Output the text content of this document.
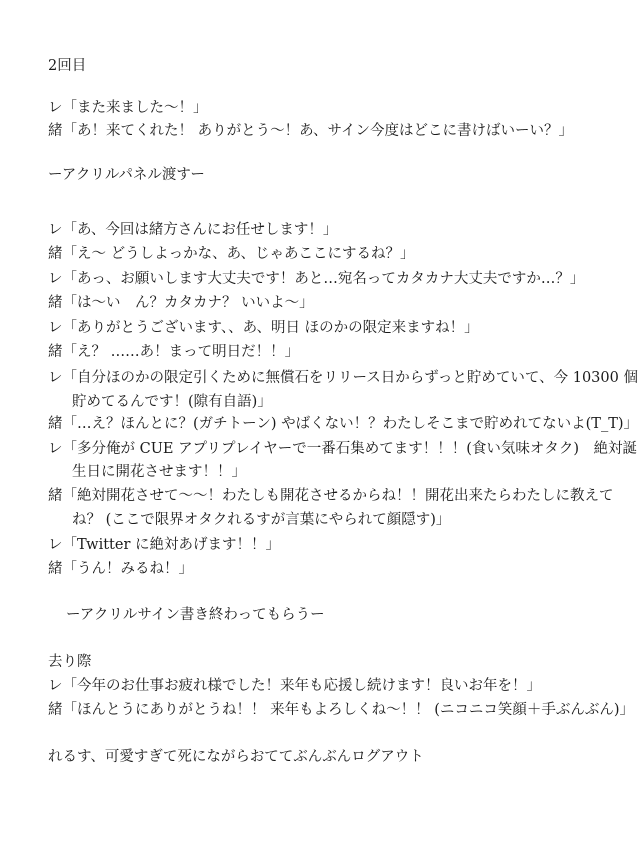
2回目
レ「また来ました〜！」
緒「あ！来てくれた！ ありがとう〜！あ、サイン今度はどこに書けばいーい？」
ーアクリルパネル渡すー
レ「あ、今回は緒方さんにお任せします！」
緒「え〜 どうしよっかな、あ、じゃあここにするね？」
レ「あっ、お願いします大丈夫です！あと…宛名ってカタカナ大丈夫ですか…？」
緒「は〜い　ん？カタカナ？ いいよ〜」
レ「ありがとうございます、、あ、明日 ほのかの限定来ますね！」
緒「え？ ……あ！まって明日だ！！」
レ「自分ほのかの限定引くために無償石をリリース日からずっと貯めていて、今 10300 個
貯めてるんです！(隙有自語)」
緒「…え？ほんとに？(ガチトーン) やばくない！？わたしそこまで貯めれてないよ(T_T)」
レ「多分俺が CUE アプリプレイヤーで一番石集めてます！！！(食い気味オタク)　絶対誕
生日に開花させます！！」
緒「絶対開花させて〜〜！わたしも開花させるからね！！開花出来たらわたしに教えて
ね？ (ここで限界オタクれるすが言葉にやられて顔隠す)」
レ「Twitter に絶対あげます！！」
緒「うん！みるね！」
ーアクリルサイン書き終わってもらうー
去り際
レ「今年のお仕事お疲れ様でした！来年も応援し続けます！良いお年を！」
緒「ほんとうにありがとうね！！ 来年もよろしくね〜！！ (ニコニコ笑顔＋手ぶんぶん)」
れるす、可愛すぎて死にながらおててぶんぶんログアウト
